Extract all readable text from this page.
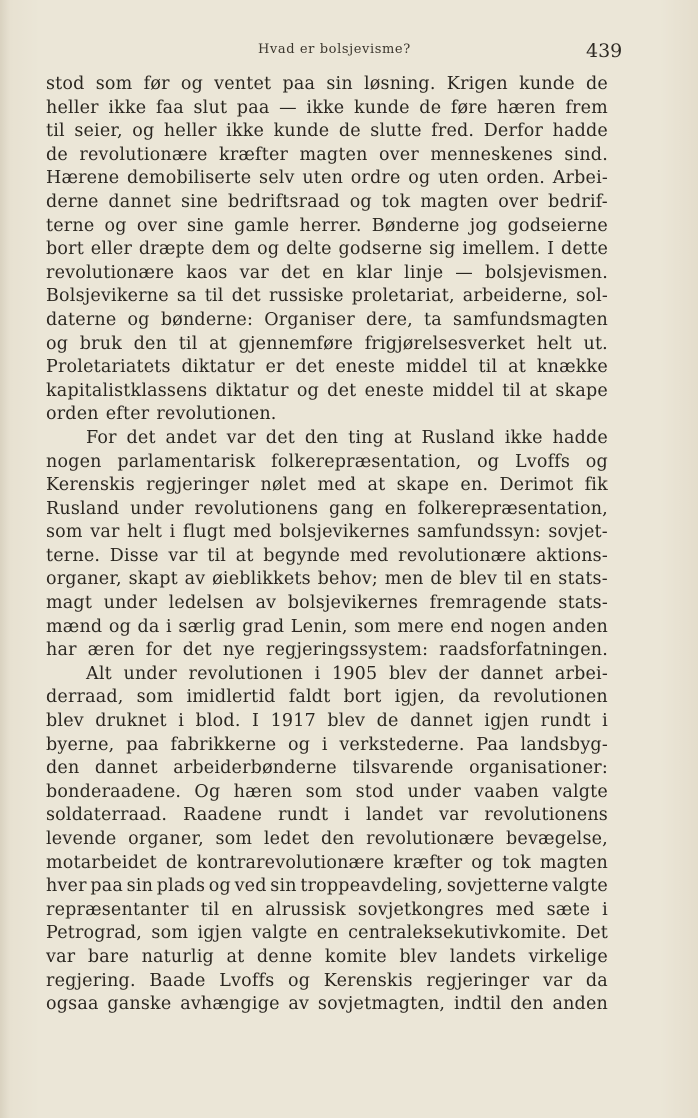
Hvad er bolsjevisme?	439
stod som før og ventet paa sin løsning. Krigen kunde de
heller ikke faa slut paa — ikke kunde de føre hæren frem
til seier, og heller ikke kunde de slutte fred. Derfor hadde
de revolutionære kræfter magten over menneskenes sind.
Hærene demobiliserte selv uten ordre og uten orden. Arbei-
derne dannet sine bedriftsraad og tok magten over bedrif-
terne og over sine gamle herrer. Bønderne jog godseierne
bort eller dræpte dem og delte godserne sig imellem. I dette
revolutionære kaos var det en klar linje — bolsjevismen.
Bolsjevikerne sa til det russiske proletariat, arbeiderne, sol-
daterne og bønderne: Organiser dere, ta samfundsmagten
og bruk den til at gjennemføre frigjørelsesverket helt ut.
Proletariatets diktatur er det eneste middel til at knække
kapitalistklassens diktatur og det eneste middel til at skape
orden efter revolutionen.
For det andet var det den ting at Rusland ikke hadde
nogen parlamentarisk folkerepræsentation, og Lvoffs og
Kerenskis regjeringer nølet med at skape en. Derimot fik
Rusland under revolutionens gang en folkerepræsentation,
som var helt i flugt med bolsjevikernes samfundssyn: sovjet-
terne. Disse var til at begynde med revolutionære aktions-
organer, skapt av øieblikkets behov; men de blev til en stats-
magt under ledelsen av bolsjevikernes fremragende stats-
mænd og da i særlig grad Lenin, som mere end nogen anden
har æren for det nye regjeringssystem: raadsforfatningen.
Alt under revolutionen i 1905 blev der dannet arbei-
derraad, som imidlertid faldt bort igjen, da revolutionen
blev druknet i blod. I 1917 blev de dannet igjen rundt i
byerne, paa fabrikkerne og i verkstederne. Paa landsbyg-
den dannet arbeiderbønderne tilsvarende organisationer:
bonderaadene. Og hæren som stod under vaaben valgte
soldaterraad. Raadene rundt i landet var revolutionens
levende organer, som ledet den revolutionære bevægelse,
motarbeidet de kontrarevolutionære kræfter og tok magten
hver paa sin plads og ved sin troppeavdeling, sovjetterne valgte
repræsentanter til en alrussisk sovjetkongres med sæte i
Petrograd, som igjen valgte en centraleksekutivkomite. Det
var bare naturlig at denne komite blev landets virkelige
regjering. Baade Lvoffs og Kerenskis regjeringer var da
ogsaa ganske avhængige av sovjetmagten, indtil den anden
